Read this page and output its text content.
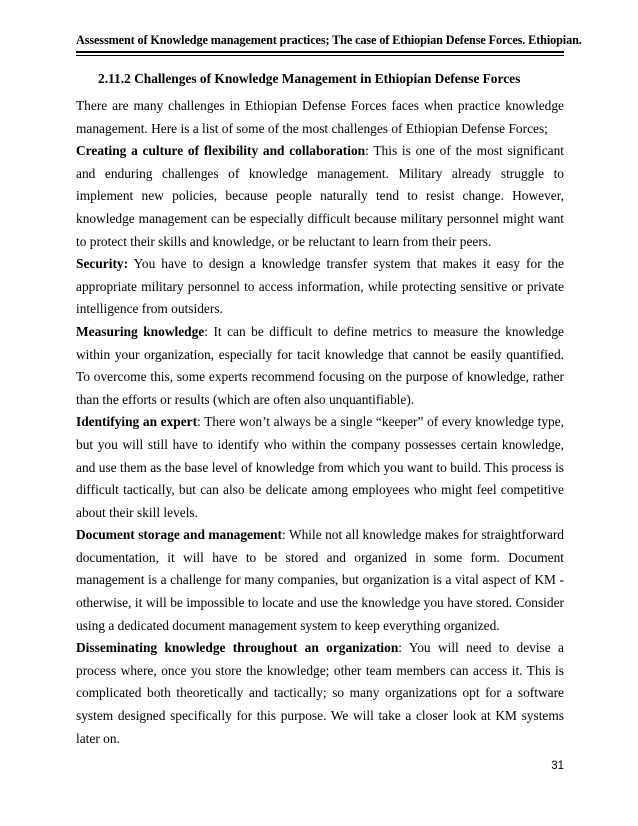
Assessment of Knowledge management practices; The case of Ethiopian Defense Forces. Ethiopian.
2.11.2 Challenges of Knowledge Management in Ethiopian Defense Forces

There are many challenges in Ethiopian Defense Forces faces when practice knowledge management. Here is a list of some of the most challenges of Ethiopian Defense Forces;

Creating a culture of flexibility and collaboration: This is one of the most significant and enduring challenges of knowledge management. Military already struggle to implement new policies, because people naturally tend to resist change. However, knowledge management can be especially difficult because military personnel might want to protect their skills and knowledge, or be reluctant to learn from their peers.

Security: You have to design a knowledge transfer system that makes it easy for the appropriate military personnel to access information, while protecting sensitive or private intelligence from outsiders.

Measuring knowledge: It can be difficult to define metrics to measure the knowledge within your organization, especially for tacit knowledge that cannot be easily quantified. To overcome this, some experts recommend focusing on the purpose of knowledge, rather than the efforts or results (which are often also unquantifiable).

Identifying an expert: There won’t always be a single “keeper” of every knowledge type, but you will still have to identify who within the company possesses certain knowledge, and use them as the base level of knowledge from which you want to build. This process is difficult tactically, but can also be delicate among employees who might feel competitive about their skill levels.

Document storage and management: While not all knowledge makes for straightforward documentation, it will have to be stored and organized in some form. Document management is a challenge for many companies, but organization is a vital aspect of KM - otherwise, it will be impossible to locate and use the knowledge you have stored. Consider using a dedicated document management system to keep everything organized.

Disseminating knowledge throughout an organization: You will need to devise a process where, once you store the knowledge; other team members can access it. This is complicated both theoretically and tactically; so many organizations opt for a software system designed specifically for this purpose. We will take a closer look at KM systems later on.

31
